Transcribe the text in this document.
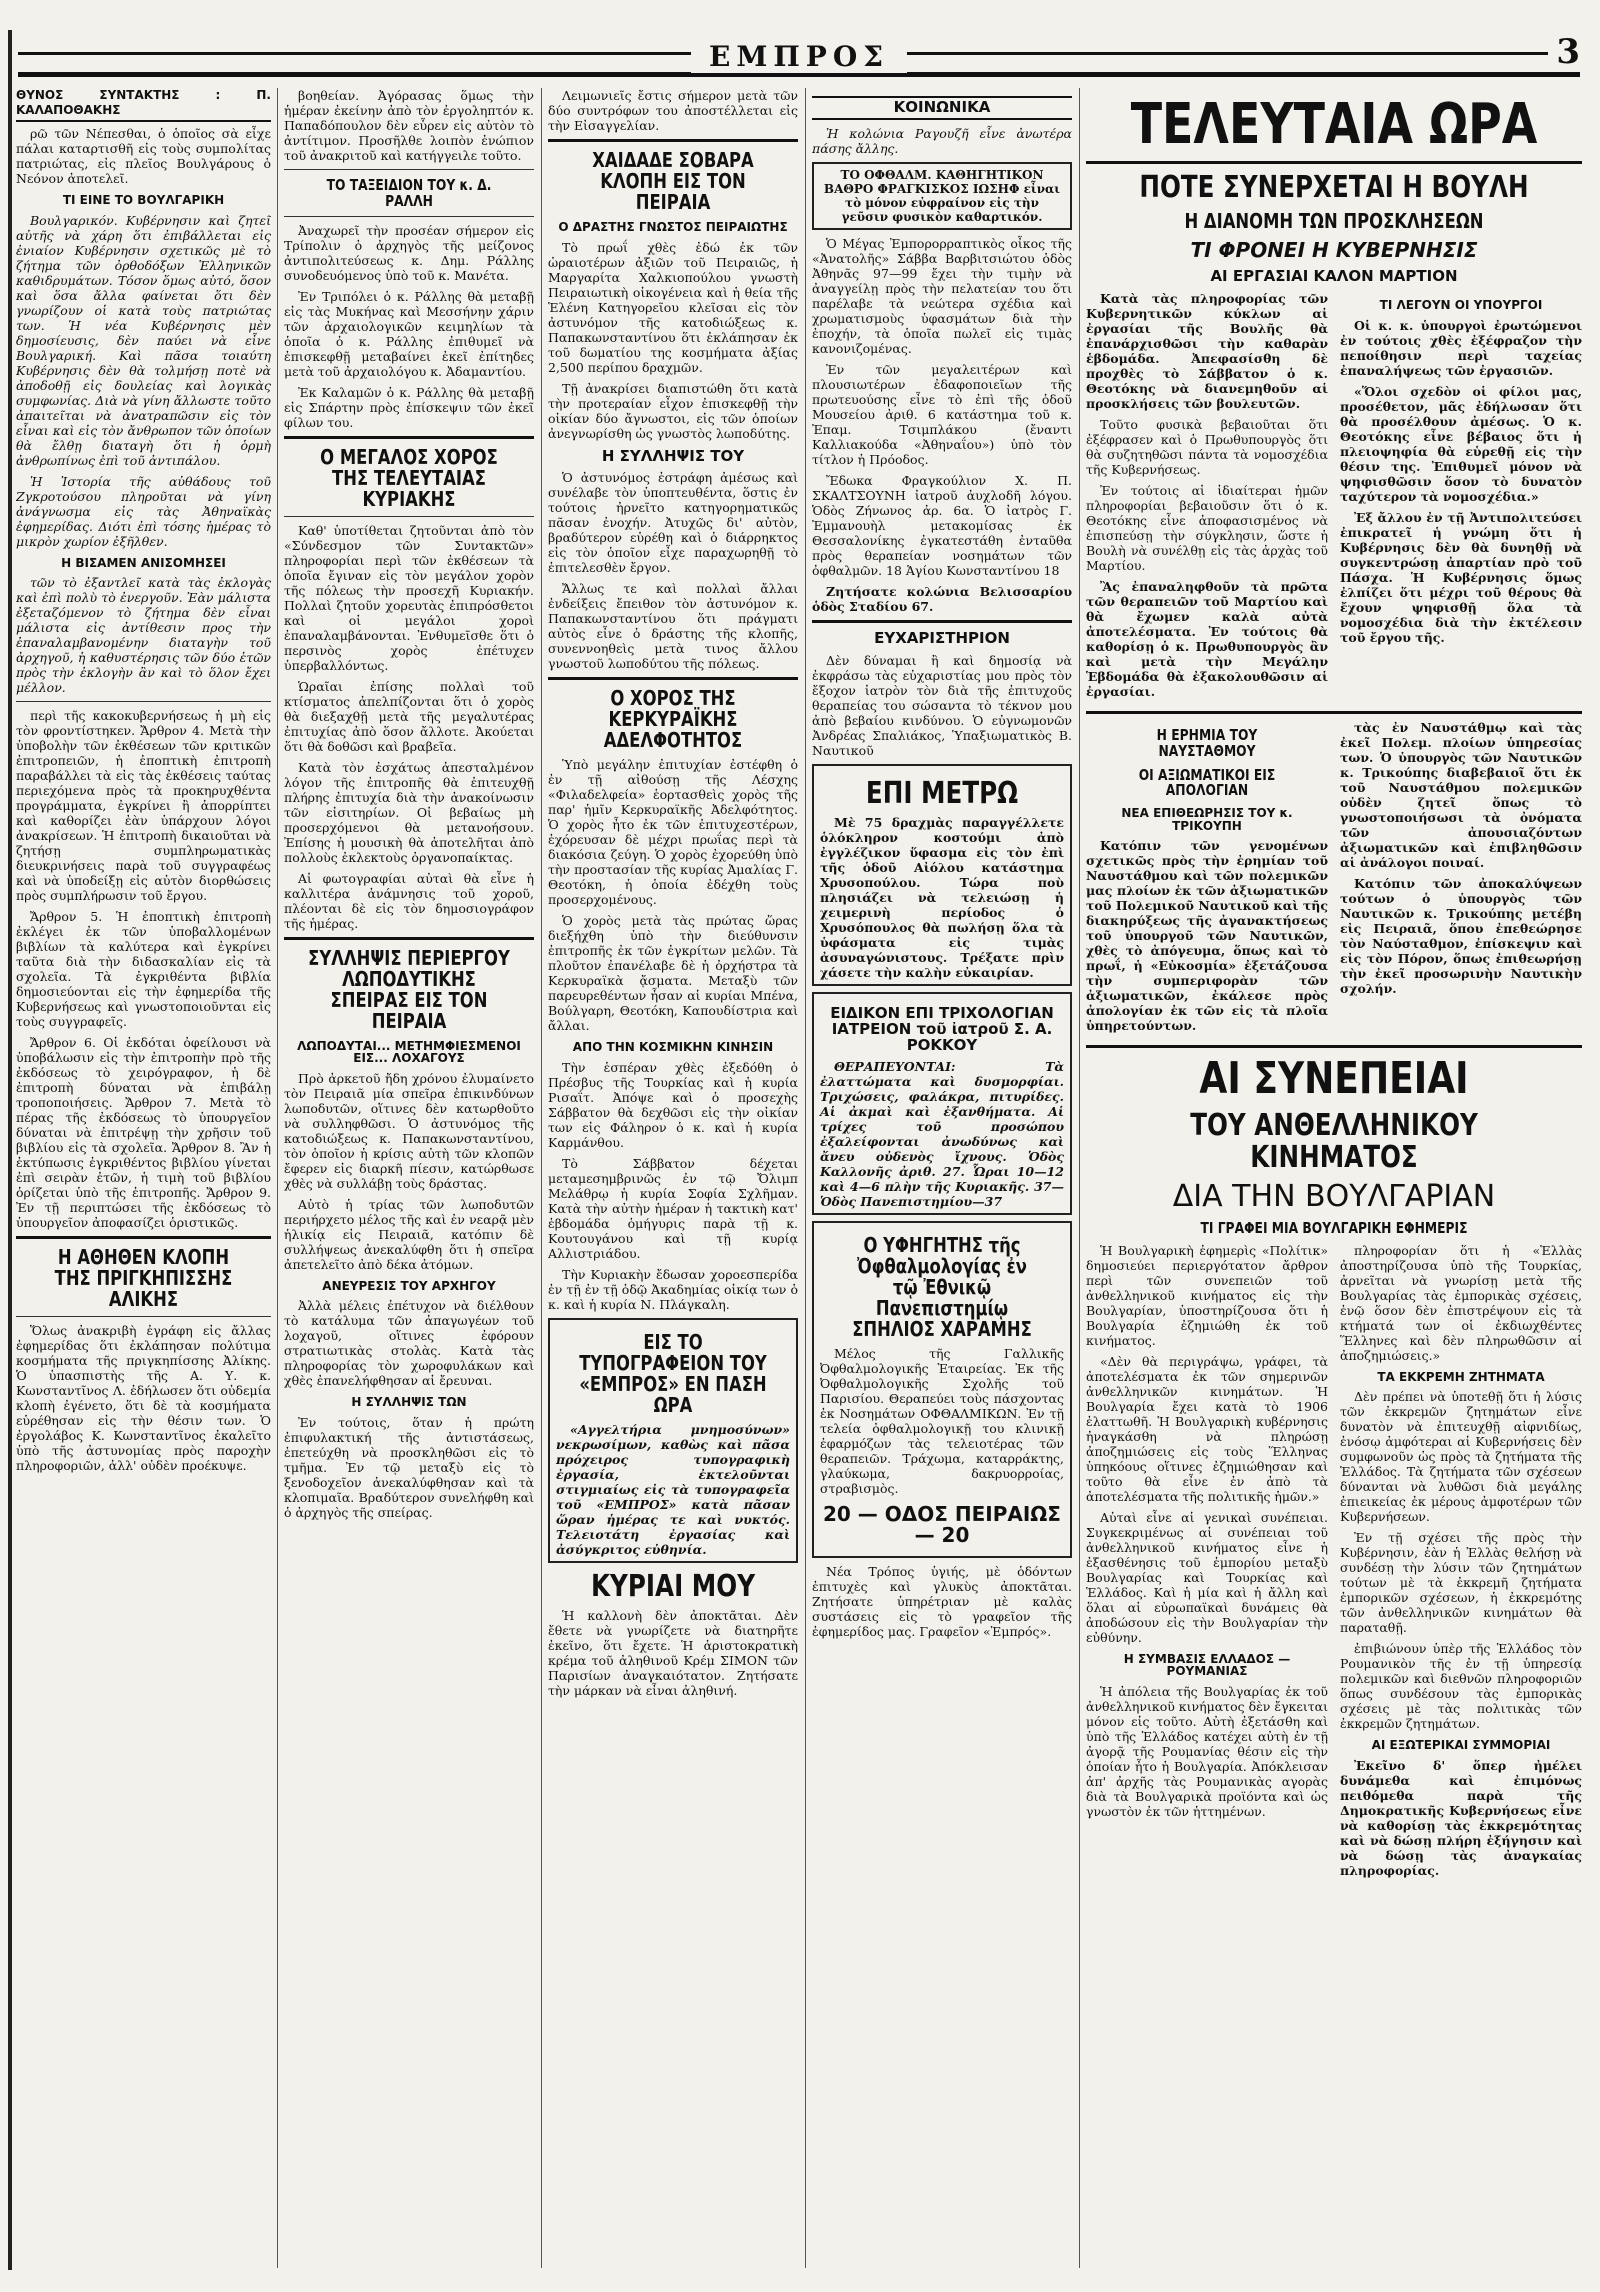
ΕΜΠΡΟΣ	3
ΘΥΝΟΣ ΣΥΝΤΑΚΤΗΣ : Π. ΚΑΛΑΠΟΘΑΚΗΣ

ρῶ τῶν Νέπεσθαι, ὁ ὁποῖος σὰ εἶχε πάλαι καταρτισθῆ εἰς τοὺς συμπολίτας πατριώτας, εἰς πλεῖος Βουλγάρους ὁ Νεόνον ἀποτελεῖ.

ΤΙ ΕΙΝΕ ΤΟ ΒΟΥΛΓΑΡΙΚΗ

Βουλγαρικόν. Κυβέρνησιν καὶ ζητεῖ αὐτῆς νὰ χάρη ὅτι ἐπιβάλλεται εἰς ἐνιαίον Κυβέρνησιν σχετικῶς μὲ τὸ ζήτημα τῶν ὀρθοδόξων Ἑλληνικῶν καθιδρυμάτων. Τόσον ὅμως αὐτό, ὅσον καὶ ὅσα ἄλλα φαίνεται ὅτι δὲν γνωρίζουν οἱ κατὰ τοὺς πατριώτας των. Ἡ νέα Κυβέρνησις μὲν δημοσίευσις, δὲν παύει νὰ εἶνε Βουλγαρική. Καὶ πᾶσα τοιαύτη Κυβέρνησις δὲν θὰ τολμήσῃ ποτὲ νὰ ἀποδοθῇ εἰς δουλείας καὶ λογικὰς συμφωνίας. Διὰ νὰ γίνη ἄλλωστε τοῦτο ἀπαιτεῖται νὰ ἀνατραπῶσιν εἰς τὸν εἶναι καὶ εἰς τὸν ἄνθρωπον τῶν ὁποίων θὰ ἔλθῃ διαταγὴ ὅτι ἡ ὁρμὴ ἀνθρωπίνως ἐπὶ τοῦ ἀντιπάλου.

Ἡ Ἰστορία τῆς αὐθάδους τοῦ Ζγκροτούσου πληροῦται νὰ γίνη ἀνάγνωσμα εἰς τὰς Ἀθηναϊκὰς ἐφημερίδας. Διότι ἐπὶ τόσης ἡμέρας τὸ μικρὸν χωρίον ἐξῆλθεν.

Η ΒΙΣΑΜΕΝ ΑΝΙΣΟΜΗΣΕΙ

τῶν τὸ ἐξαντλεῖ κατὰ τὰς ἐκλογὰς καὶ ἐπὶ πολὺ τὸ ἐνεργοῦν. Ἐὰν μάλιστα ἐξεταζόμενον τὸ ζήτημα δὲν εἶναι μάλιστα εἰς ἀντίθεσιν προς τὴν ἐπαναλαμβανομένην διαταγὴν τοῦ ἀρχηγοῦ, ἡ καθυστέρησις τῶν δύο ἑτῶν πρὸς τὴν ἐκλογὴν ἂν καὶ τὸ ὅλον ἔχει μέλλον.

περὶ τῆς κακοκυβερνήσεως ἡ μὴ εἰς τὸν φροντίστηκεν. Ἄρθρον 4. Μετὰ τὴν ὑποβολὴν τῶν ἐκθέσεων τῶν κριτικῶν ἐπιτροπειῶν, ἡ ἐποπτικὴ ἐπιτροπὴ παραβάλλει τὰ εἰς τὰς ἐκθέσεις ταύτας περιεχόμενα πρὸς τὰ προκηρυχθέντα προγράμματα, ἐγκρίνει ἢ ἀπορρίπτει καὶ καθορίζει ἐὰν ὑπάρχουν λόγοι ἀνακρίσεων. Ἡ ἐπιτροπὴ δικαιοῦται νὰ ζητήσῃ συμπληρωματικὰς διευκρινήσεις παρὰ τοῦ συγγραφέως καὶ νὰ ὑποδείξῃ εἰς αὐτὸν διορθώσεις πρὸς συμπλήρωσιν τοῦ ἔργου.

Ἄρθρον 5. Ἡ ἐποπτικὴ ἐπιτροπὴ ἐκλέγει ἐκ τῶν ὑποβαλλομένων βιβλίων τὰ καλύτερα καὶ ἐγκρίνει ταῦτα διὰ τὴν διδασκαλίαν εἰς τὰ σχολεῖα. Τὰ ἐγκριθέντα βιβλία δημοσιεύονται εἰς τὴν ἐφημερίδα τῆς Κυβερνήσεως καὶ γνωστοποιοῦνται εἰς τοὺς συγγραφεῖς.

Ἄρθρον 6. Οἱ ἐκδόται ὀφείλουσι νὰ ὑποβάλωσιν εἰς τὴν ἐπιτροπὴν πρὸ τῆς ἐκδόσεως τὸ χειρόγραφον, ἡ δὲ ἐπιτροπὴ δύναται νὰ ἐπιβάλῃ τροποποιήσεις. Ἄρθρον 7. Μετὰ τὸ πέρας τῆς ἐκδόσεως τὸ ὑπουργεῖον δύναται νὰ ἐπιτρέψῃ τὴν χρῆσιν τοῦ βιβλίου εἰς τὰ σχολεῖα. Ἄρθρον 8. Ἂν ἡ ἐκτύπωσις ἐγκριθέντος βιβλίου γίνεται ἐπὶ σειρὰν ἐτῶν, ἡ τιμὴ τοῦ βιβλίου ὁρίζεται ὑπὸ τῆς ἐπιτροπῆς. Ἄρθρον 9. Ἐν τῇ περιπτώσει τῆς ἐκδόσεως τὸ ὑπουργεῖον ἀποφασίζει ὁριστικῶς.

Η ΑΘΗΘΕΝ ΚΛΟΠΗ ΤΗΣ ΠΡΙΓΚΗΠΙΣΣΗΣ ΑΛΙΚΗΣ

Ὅλως ἀνακριβὴ ἐγράφη εἰς ἄλλας ἐφημερίδας ὅτι ἐκλάπησαν πολύτιμα κοσμήματα τῆς πριγκηπίσσης Ἀλίκης. Ὁ ὑπασπιστὴς τῆς Α. Υ. κ. Κωνσταντῖνος Λ. ἐδήλωσεν ὅτι οὐδεμία κλοπὴ ἐγένετο, ὅτι δὲ τὰ κοσμήματα εὑρέθησαν εἰς τὴν θέσιν των. Ὁ ἐργολάβος Κ. Κωνσταντῖνος ἐκαλεῖτο ὑπὸ τῆς ἀστυνομίας πρὸς παροχὴν πληροφοριῶν, ἀλλ' οὐδὲν προέκυψε.

βοηθείαν. Ἀγόρασας ὅμως τὴν ἡμέραν ἐκείνην ἀπὸ τὸν ἐργοληπτόν κ. Παπαδόπουλον δὲν εὗρεν εἰς αὐτὸν τὸ ἀντίτιμον. Προσῆλθε λοιπὸν ἐνώπιον τοῦ ἀνακριτοῦ καὶ κατήγγειλε τοῦτο.

ΤΟ ΤΑΞΕΙΔΙΟΝ ΤΟΥ κ. Δ. ΡΑΛΛΗ

Ἀναχωρεῖ τὴν προσέαν σήμερον εἰς Τρίπολιν ὁ ἀρχηγὸς τῆς μείζονος ἀντιπολιτεύσεως κ. Δημ. Ράλλης συνοδευόμενος ὑπὸ τοῦ κ. Μανέτα.

Ἐν Τριπόλει ὁ κ. Ράλλης θὰ μεταβῇ εἰς τὰς Μυκήνας καὶ Μεσσήνην χάριν τῶν ἀρχαιολογικῶν κειμηλίων τὰ ὁποῖα ὁ κ. Ράλλης ἐπιθυμεῖ νὰ ἐπισκεφθῇ μεταβαίνει ἐκεῖ ἐπίτηδες μετὰ τοῦ ἀρχαιολόγου κ. Ἀδαμαντίου.

Ἐκ Καλαμῶν ὁ κ. Ράλλης θὰ μεταβῇ εἰς Σπάρτην πρὸς ἐπίσκεψιν τῶν ἐκεῖ φίλων του.

Ο ΜΕΓΑΛΟΣ ΧΟΡΟΣ ΤΗΣ ΤΕΛΕΥΤΑΙΑΣ ΚΥΡΙΑΚΗΣ

Καθ' ὑποτίθεται ζητοῦνται ἀπὸ τὸν «Σύνδεσμον τῶν Συντακτῶν» πληροφορίαι περὶ τῶν ἐκθέσεων τὰ ὁποῖα ἔγιναν εἰς τὸν μεγάλον χορὸν τῆς πόλεως τὴν προσεχῆ Κυριακήν. Πολλαὶ ζητοῦν χορευτὰς ἐπιπρόσθετοι καὶ οἱ μεγάλοι χοροὶ ἐπαναλαμβάνονται. Ἐνθυμεῖσθε ὅτι ὁ περσινὸς χορὸς ἐπέτυχεν ὑπερβαλλόντως.

Ὡραῖαι ἐπίσης πολλαὶ τοῦ κτίσματος ἀπελπίζονται ὅτι ὁ χορὸς θὰ διεξαχθῇ μετὰ τῆς μεγαλυτέρας ἐπιτυχίας ἀπὸ ὅσον ἄλλοτε. Ἀκούεται ὅτι θὰ δοθῶσι καὶ βραβεῖα.

Κατὰ τὸν ἐσχάτως ἀπεσταλμένον λόγον τῆς ἐπιτροπῆς θὰ ἐπιτευχθῇ πλήρης ἐπιτυχία διὰ τὴν ἀνακοίνωσιν τῶν εἰσιτηρίων. Οἱ βεβαίως μὴ προσερχόμενοι θὰ μετανοήσουν. Ἐπίσης ἡ μουσικὴ θὰ ἀποτελῆται ἀπὸ πολλοὺς ἐκλεκτοὺς ὀργανοπαίκτας.

Αἱ φωτογραφίαι αὐταὶ θὰ εἶνε ἡ καλλιτέρα ἀνάμνησις τοῦ χοροῦ, πλέονται δὲ εἰς τὸν δημοσιογράφον τῆς ἡμέρας.

ΣΥΛΛΗΨΙΣ ΠΕΡΙΕΡΓΟΥ ΛΩΠΟΔΥΤΙΚΗΣ ΣΠΕΙΡΑΣ ΕΙΣ ΤΟΝ ΠΕΙΡΑΙΑ
ΛΩΠΟΔΥΤΑΙ... ΜΕΤΗΜΦΙΕΣΜΕΝΟΙ ΕΙΣ... ΛΟΧΑΓΟΥΣ

Πρὸ ἀρκετοῦ ἤδη χρόνου ἐλυμαίνετο τὸν Πειραιᾶ μία σπεῖρα ἐπικινδύνων λωποδυτῶν, οἵτινες δὲν κατωρθοῦτο νὰ συλληφθῶσι. Ὁ ἀστυνόμος τῆς κατοδιώξεως κ. Παπακωνσταντίνου, τὸν ὁποῖον ἡ κρίσις αὐτὴ τῶν κλοπῶν ἔφερεν εἰς διαρκῆ πίεσιν, κατώρθωσε χθὲς νὰ συλλάβῃ τοὺς δράστας.

Αὐτὸ ἡ τρίας τῶν λωποδυτῶν περιήρχετο μέλος τῆς καὶ ἐν νεαρᾷ μὲν ἡλικίᾳ εἰς Πειραιᾶ, κατόπιν δὲ συλλήψεως ἀνεκαλύφθη ὅτι ἡ σπεῖρα ἀπετελεῖτο ἀπὸ δέκα ἀτόμων.

ΑΝΕΥΡΕΣΙΣ ΤΟΥ ΑΡΧΗΓΟΥ

Ἀλλὰ μέλεις ἐπέτυχον νὰ διέλθουν τὸ κατάλυμα τῶν ἀπαγωγέων τοῦ λοχαγοῦ, οἵτινες ἐφόρουν στρατιωτικὰς στολὰς. Κατὰ τὰς πληροφορίας τὸν χωροφυλάκων καὶ χθὲς ἐπανελήφθησαν αἱ ἔρευναι.

Η ΣΥΛΛΗΨΙΣ ΤΩΝ

Ἐν τούτοις, ὅταν ἡ πρώτη ἐπιφυλακτική τῆς ἀντιστάσεως, ἐπετεύχθη νὰ προσκληθῶσι εἰς τὸ τμῆμα. Ἐν τῷ μεταξὺ εἰς τὸ ξενοδοχεῖον ἀνεκαλύφθησαν καὶ τὰ κλοπιμαῖα. Βραδύτερον συνελήφθη καὶ ὁ ἀρχηγὸς τῆς σπείρας.

Λειμωνιεῖς ἔστις σήμερον μετὰ τῶν δύο συντρόφων του ἀποστέλλεται εἰς τὴν Εἰσαγγελίαν.

ΧΑΙΔΑΔΕ ΣΟΒΑΡΑ ΚΛΟΠΗ ΕΙΣ ΤΟΝ ΠΕΙΡΑΙΑ
Ο ΔΡΑΣΤΗΣ ΓΝΩΣΤΟΣ ΠΕΙΡΑΙΩΤΗΣ

Τὸ πρωΐ χθὲς ἐδώ ἐκ τῶν ὡραιοτέρων ἀξιῶν τοῦ Πειραιῶς, ἡ Μαργαρίτα Χαλκιοπούλου γνωστὴ Πειραιωτικὴ οἰκογένεια καὶ ἡ θεία τῆς Ἑλένη Κατηγορεῖου κλεῖσαι εἰς τὸν ἀστυνόμον τῆς κατοδιώξεως κ. Παπακωνσταντίνου ὅτι ἐκλάπησαν ἐκ τοῦ δωματίου της κοσμήματα ἀξίας 2,500 περίπου δραχμῶν.

Τῇ ἀνακρίσει διαπιστώθη ὅτι κατὰ τὴν προτεραίαν εἶχον ἐπισκεφθῇ τὴν οἰκίαν δύο ἄγνωστοι, εἰς τῶν ὁποίων ἀνεγνωρίσθη ὡς γνωστὸς λωποδύτης.

Η ΣΥΛΛΗΨΙΣ ΤΟΥ

Ὁ ἀστυνόμος ἐστράφη ἀμέσως καὶ συνέλαβε τὸν ὑποπτευθέντα, ὅστις ἐν τούτοις ἠρνεῖτο κατηγορηματικῶς πᾶσαν ἐνοχήν. Ἀτυχῶς δι' αὐτὸν, βραδύτερον εὑρέθη καὶ ὁ διάρρηκτος εἰς τὸν ὁποῖον εἶχε παραχωρηθῇ τὸ ἐπιτελεσθὲν ἔργον.

Ἄλλως τε καὶ πολλαὶ ἄλλαι ἐνδείξεις ἔπειθον τὸν ἀστυνόμον κ. Παπακωνσταντίνου ὅτι πράγματι αὐτὸς εἶνε ὁ δράστης τῆς κλοπῆς, συνεννοηθεὶς μετὰ τινος ἄλλου γνωστοῦ λωποδύτου τῆς πόλεως.

Ο ΧΟΡΟΣ ΤΗΣ ΚΕΡΚΥΡΑΪΚΗΣ ΑΔΕΛΦΟΤΗΤΟΣ

Ὑπὸ μεγάλην ἐπιτυχίαν ἐστέφθη ὁ ἐν τῇ αἰθούσῃ τῆς Λέσχης «Φιλαδελφεία» ἑορτασθεὶς χορὸς τῆς παρ' ἡμῖν Κερκυραϊκῆς Ἀδελφότητος. Ὁ χορὸς ἦτο ἐκ τῶν ἐπιτυχεστέρων, ἐχόρευσαν δὲ μέχρι πρωΐας περὶ τὰ διακόσια ζεύγη. Ὁ χορὸς ἐχορεύθη ὑπὸ τὴν προστασίαν τῆς κυρίας Ἀμαλίας Γ. Θεοτόκη, ἡ ὁποία ἐδέχθη τοὺς προσερχομένους.

Ὁ χορὸς μετὰ τὰς πρώτας ὥρας διεξήχθη ὑπὸ τὴν διεύθυνσιν ἐπιτροπῆς ἐκ τῶν ἐγκρίτων μελῶν. Τὰ πλοῦτον ἐπανέλαβε δὲ ἡ ὀρχήστρα τὰ Κερκυραϊκὰ ᾄσματα. Μεταξὺ τῶν παρευρεθέντων ἦσαν αἱ κυρίαι Μπένα, Βούλγαρη, Θεοτόκη, Καπουδίστρια καὶ ἄλλαι.

ΑΠΟ ΤΗΝ ΚΟΣΜΙΚΗΝ ΚΙΝΗΣΙΝ

Τὴν ἑσπέραν χθὲς ἐξεδόθη ὁ Πρέσβυς τῆς Τουρκίας καὶ ἡ κυρία Ρισαΐτ. Ἀπόψε καὶ ὁ προσεχὴς Σάββατον θὰ δεχθῶσι εἰς τὴν οἰκίαν των εἰς Φάληρον ὁ κ. καὶ ἡ κυρία Καρμάνθου.

Τὸ Σάββατον δέχεται μεταμεσημβρινῶς ἐν τῷ Ὄλιμπ Μελάθρῳ ἡ κυρία Σοφία Σχλῆμαν. Κατὰ τὴν αὐτὴν ἡμέραν ἡ τακτικὴ κατ' ἐβδομάδα ὁμήγυρις παρὰ τῇ κ. Κουτουγάνου καὶ τῇ κυρίᾳ Αλλιστριάδου.

Τὴν Κυριακὴν ἔδωσαν χοροεσπερίδα ἐν τῇ ἐν τῇ ὁδῷ Ἀκαδημίας οἰκίᾳ των ὁ κ. καὶ ἡ κυρία Ν. Πλάγκαλη.

ΕΙΣ ΤΟ ΤΥΠΟΓΡΑΦΕΙΟΝ ΤΟΥ «ΕΜΠΡΟΣ» ΕΝ ΠΑΣΗ ΩΡΑ

«Αγγελτήρια μνημοσύνων» νεκρωσίμων, καθὼς καὶ πᾶσα πρόχειρος τυπογραφικὴ ἐργασία, ἐκτελοῦνται στιγμιαίως εἰς τὰ τυπογραφεῖα τοῦ «ΕΜΠΡΟΣ» κατὰ πᾶσαν ὥραν ἡμέρας τε καὶ νυκτός. Τελειοτάτη ἐργασίας καὶ ἀσύγκριτος εὐθηνία.

ΚΥΡΙΑΙ ΜΟΥ

Ἡ καλλονὴ δὲν ἀποκτᾶται. Δὲν ἔθετε νὰ γνωρίζετε νὰ διατηρῆτε ἐκεῖνο, ὅτι ἔχετε. Ἡ ἀριστοκρατικὴ κρέμα τοῦ ἀληθινοῦ Κρέμ ΣΙΜΟΝ τῶν Παρισίων ἀναγκαιότατον. Ζητήσατε τὴν μάρκαν νὰ εἶναι ἀληθινή.

ΚΟΙΝΩΝΙΚΑ

Ἡ κολώνια Ραγουζῆ εἶνε ἀνωτέρα πάσης ἄλλης.

ΤΟ ΟΦΘΑΛΜ. ΚΑΘΗΓΗΤΙΚΟΝ ΒΑΘΡΟ ΦΡΑΓΚΙΣΚΟΣ ΙΩΣΗΦ εἶναι τὸ μόνον εὐφραίνον εἰς τὴν γεῦσιν φυσικὸν καθαρτικόν.

Ὁ Μέγας Ἐμπορορραπτικὸς οἶκος τῆς «Ἀνατολῆς» Σάββα Βαρβιτσιώτου ὁδὸς Ἀθηνᾶς 97—99 ἔχει τὴν τιμὴν νὰ ἀναγγείλῃ πρὸς τὴν πελατείαν του ὅτι παρέλαβε τὰ νεώτερα σχέδια καὶ χρωματισμοὺς ὑφασμάτων διὰ τὴν ἐποχήν, τὰ ὁποῖα πωλεῖ εἰς τιμὰς κανονιζομένας.

Ἐν τῶν μεγαλειτέρων καὶ πλουσιωτέρων ἐδαφοποιεῖων τῆς πρωτευούσης εἶνε τὸ ἐπὶ τῆς ὁδοῦ Μουσείου ἀριθ. 6 κατάστημα τοῦ κ. Ἐπαμ. Τσιμπλάκου (ἔναντι Καλλιακούδα «Ἀθηναΐου») ὑπὸ τὸν τίτλον ἡ Πρόοδος.

Ἔδωκα Φραγκούλιον Χ. Π. ΣΚΑΛΤΣΟΥΝΗ ἰατροῦ ἀυχλοδῆ λόγου. Ὁδὸς Ζήνωνος ἀρ. 6α. Ὁ ἰατρὸς Γ. Ἐμμανουὴλ μετακομίσας ἐκ Θεσσαλονίκης ἐγκατεστάθη ἐνταῦθα πρὸς θεραπείαν νοσημάτων τῶν ὀφθαλμῶν. 18 Ἁγίου Κωνσταντίνου 18

Ζητήσατε κολώνια Βελισσαρίου ὁδὸς Σταδίου 67.

ΕΥΧΑΡΙΣΤΗΡΙΟΝ

Δὲν δύναμαι ἢ καὶ δημοσίᾳ νὰ ἐκφράσω τὰς εὐχαριστίας μου πρὸς τὸν ἔξοχον ἰατρὸν τὸν διὰ τῆς ἐπιτυχοῦς θεραπείας του σώσαντα τὸ τέκνον μου ἀπὸ βεβαίου κινδύνου. Ὁ εὐγνωμονῶν Ἀνδρέας Σπαλιάκος, Ὑπαξιωματικὸς Β. Ναυτικοῦ

ΕΠΙ ΜΕΤΡΩ

Μὲ 75 δραχμὰς παραγγέλλετε ὁλόκληρον κοστούμι ἀπὸ ἐγγλέζικον ὕφασμα εἰς τὸν ἐπὶ τῆς ὁδοῦ Αἰόλου κατάστημα Χρυσοπούλου. Τώρα ποὺ πλησιάζει νὰ τελειώσῃ ἡ χειμερινὴ περίοδος ὁ Χρυσόπουλος θὰ πωλήσῃ ὅλα τὰ ὑφάσματα εἰς τιμὰς ἀσυναγώνιστους. Τρέξατε πρὶν χάσετε τὴν καλὴν εὐκαιρίαν.

ΕΙΔΙΚΟΝ ΕΠΙ ΤΡΙΧΟΛΟΓΙΑΝ ΙΑΤΡΕΙΟΝ τοῦ ἰατροῦ Σ. Α. ΡΟΚΚΟΥ

ΘΕΡΑΠΕΥΟΝΤΑΙ: Τὰ ἐλαττώματα καὶ δυσμορφίαι. Τριχώσεις, φαλάκρα, πιτυρίδες. Αἱ ἀκμαὶ καὶ ἐξανθήματα. Αἱ τρίχες τοῦ προσώπου ἐξαλείφονται ἀνωδύνως καὶ ἄνευ οὐδενὸς ἴχνους. Ὁδὸς Καλλονῆς ἀριθ. 27. Ὧραι 10—12 καὶ 4—6 πλὴν τῆς Κυριακῆς. 37—Ὁδὸς Πανεπιστημίου—37

Ο ΥΦΗΓΗΤΗΣ τῆς Ὀφθαλμολογίας ἐν τῷ Ἐθνικῷ Πανεπιστημίῳ ΣΠΗΛΙΟΣ ΧΑΡΑΜΗΣ

Μέλος τῆς Γαλλικῆς Ὀφθαλμολογικῆς Ἑταιρείας. Ἐκ τῆς Ὀφθαλμολογικῆς Σχολῆς τοῦ Παρισίου. Θεραπεύει τοὺς πάσχοντας ἐκ Νοσημάτων ΟΦΘΑΛΜΙΚΩΝ. Ἐν τῇ τελεία ὀφθαλμολογικῇ του κλινικῇ ἐφαρμόζων τὰς τελειοτέρας τῶν θεραπειῶν. Τράχωμα, καταρράκτης, γλαύκωμα, δακρυορροίας, στραβισμὸς.

20 — ΟΔΟΣ ΠΕΙΡΑΙΩΣ — 20

Νέα Τρόπος ὑγιής, μὲ ὁδόντων ἐπιτυχὲς καὶ γλυκὺς ἀποκτᾶται. Ζητήσατε ὑπηρέτριαν μὲ καλὰς συστάσεις εἰς τὸ γραφεῖον τῆς ἐφημερίδος μας. Γραφεῖον «Ἐμπρός».

ΤΕΛΕΥΤΑΙΑ ΩΡΑ
ΠΟΤΕ ΣΥΝΕΡΧΕΤΑΙ Η ΒΟΥΛΗ
Η ΔΙΑΝΟΜΗ ΤΩΝ ΠΡΟΣΚΛΗΣΕΩΝ
ΤΙ ΦΡΟΝΕΙ Η ΚΥΒΕΡΝΗΣΙΣ
ΑΙ ΕΡΓΑΣΙΑΙ ΚΑΛΟΝ ΜΑΡΤΙΟΝ

Κατὰ τὰς πληροφορίας τῶν Κυβερνητικῶν κύκλων αἱ ἐργασίαι τῆς Βουλῆς θὰ ἐπανάρχισθῶσι τὴν καθαρὰν ἑβδομάδα. Ἀπεφασίσθη δὲ προχθὲς τὸ Σάββατον ὁ κ. Θεοτόκης νὰ διανεμηθοῦν αἱ προσκλήσεις τῶν βουλευτῶν.

Τοῦτο φυσικὰ βεβαιοῦται ὅτι ἐξέφρασεν καὶ ὁ Πρωθυπουργὸς ὅτι θὰ συζητηθῶσι πάντα τὰ νομοσχέδια τῆς Κυβερνήσεως.

Ἐν τούτοις αἱ ἰδιαίτεραι ἡμῶν πληροφορίαι βεβαιοῦσιν ὅτι ὁ κ. Θεοτόκης εἶνε ἀποφασισμένος νὰ ἐπισπεύσῃ τὴν σύγκλησιν, ὥστε ἡ Βουλὴ νὰ συνέλθῃ εἰς τὰς ἀρχὰς τοῦ Μαρτίου.

Ἂς ἐπαναληφθοῦν τὰ πρῶτα τῶν θεραπειῶν τοῦ Μαρτίου καὶ θὰ ἔχωμεν καλὰ αὐτὰ ἀποτελέσματα. Ἐν τούτοις θὰ καθορίσῃ ὁ κ. Πρωθυπουργὸς ἂν καὶ μετὰ τὴν Μεγάλην Ἑβδομάδα θὰ ἐξακολουθῶσιν αἱ ἐργασίαι.

ΤΙ ΛΕΓΟΥΝ ΟΙ ΥΠΟΥΡΓΟΙ

Οἱ κ. κ. ὑπουργοὶ ἐρωτώμενοι ἐν τούτοις χθὲς ἐξέφραζον τὴν πεποίθησιν περὶ ταχείας ἐπαναλήψεως τῶν ἐργασιῶν.

«Ὅλοι σχεδὸν οἱ φίλοι μας, προσέθετον, μᾶς ἐδήλωσαν ὅτι θὰ προσέλθουν ἀμέσως. Ὁ κ. Θεοτόκης εἶνε βέβαιος ὅτι ἡ πλειοψηφία θὰ εὑρεθῇ εἰς τὴν θέσιν της. Ἐπιθυμεῖ μόνον νὰ ψηφισθῶσιν ὅσον τὸ δυνατὸν ταχύτερον τὰ νομοσχέδια.»

Ἐξ ἄλλου ἐν τῇ Ἀντιπολιτεύσει ἐπικρατεῖ ἡ γνώμη ὅτι ἡ Κυβέρνησις δὲν θὰ δυνηθῇ νὰ συγκεντρώσῃ ἀπαρτίαν πρὸ τοῦ Πάσχα. Ἡ Κυβέρνησις ὅμως ἐλπίζει ὅτι μέχρι τοῦ θέρους θὰ ἔχουν ψηφισθῇ ὅλα τὰ νομοσχέδια διὰ τὴν ἐκτέλεσιν τοῦ ἔργου τῆς.

Η ΕΡΗΜΙΑ ΤΟΥ ΝΑΥΣΤΑΘΜΟΥ
ΟΙ ΑΞΙΩΜΑΤΙΚΟΙ ΕΙΣ ΑΠΟΛΟΓΙΑΝ
ΝΕΑ ΕΠΙΘΕΩΡΗΣΙΣ ΤΟΥ κ. ΤΡΙΚΟΥΠΗ

Κατόπιν τῶν γενομένων σχετικῶς πρὸς τὴν ἐρημίαν τοῦ Ναυστάθμου καὶ τῶν πολεμικῶν μας πλοίων ἐκ τῶν ἀξιωματικῶν τοῦ Πολεμικοῦ Ναυτικοῦ καὶ τῆς διακηρύξεως τῆς ἀγανακτήσεως τοῦ ὑπουργοῦ τῶν Ναυτικῶν, χθὲς τὸ ἀπόγευμα, ὅπως καὶ τὸ πρωΐ, ἡ «Εὐκοσμία» ἐξετάζουσα τὴν συμπεριφορὰν τῶν ἀξιωματικῶν, ἐκάλεσε πρὸς ἀπολογίαν ἐκ τῶν εἰς τὰ πλοῖα ὑπηρετούντων.

τὰς ἐν Ναυστάθμῳ καὶ τὰς ἐκεῖ Πολεμ. πλοίων ὑπηρεσίας των. Ὁ ὑπουργὸς τῶν Ναυτικῶν κ. Τρικούπης διαβεβαιοῖ ὅτι ἐκ τοῦ Ναυστάθμου πολεμικῶν οὐδὲν ζητεῖ ὅπως τὸ γνωστοποιήσωσι τὰ ὀνόματα τῶν ἀπουσιαζόντων ἀξιωματικῶν καὶ ἐπιβληθῶσιν αἱ ἀνάλογοι ποιναί.

Κατόπιν τῶν ἀποκαλύψεων τούτων ὁ ὑπουργὸς τῶν Ναυτικῶν κ. Τρικούπης μετέβη εἰς Πειραιᾶ, ὅπου ἐπεθεώρησε τὸν Ναύσταθμον, ἐπίσκεψιν καὶ εἰς τὸν Πόρον, ὅπως ἐπιθεωρήσῃ τὴν ἐκεῖ προσωρινὴν Ναυτικὴν σχολήν.

ΑΙ ΣΥΝΕΠΕΙΑΙ
ΤΟΥ ΑΝΘΕΛΛΗΝΙΚΟΥ ΚΙΝΗΜΑΤΟΣ
ΔΙΑ ΤΗΝ ΒΟΥΛΓΑΡΙΑΝ
ΤΙ ΓΡΑΦΕΙ ΜΙΑ ΒΟΥΛΓΑΡΙΚΗ ΕΦΗΜΕΡΙΣ

Ἡ Βουλγαρικὴ ἐφημερὶς «Πολίτικ» δημοσιεύει περιεργότατον ἄρθρον περὶ τῶν συνεπειῶν τοῦ ἀνθελληνικοῦ κινήματος εἰς τὴν Βουλγαρίαν, ὑποστηρίζουσα ὅτι ἡ Βουλγαρία ἐζημιώθη ἐκ τοῦ κινήματος.

«Δὲν θὰ περιγράψω, γράφει, τὰ ἀποτελέσματα ἐκ τῶν σημερινῶν ἀνθελληνικῶν κινημάτων. Ἡ Βουλγαρία ἔχει κατὰ τὸ 1906 ἐλαττωθῆ. Ἡ Βουλγαρικὴ κυβέρνησις ἠναγκάσθη νὰ πληρώσῃ ἀποζημιώσεις εἰς τοὺς Ἕλληνας ὑπηκόους οἵτινες ἐζημιώθησαν καὶ τοῦτο θὰ εἶνε ἐν ἀπὸ τὰ ἀποτελέσματα τῆς πολιτικῆς ἡμῶν.»

Αὐταὶ εἶνε αἱ γενικαὶ συνέπειαι. Συγκεκριμένως αἱ συνέπειαι τοῦ ἀνθελληνικοῦ κινήματος εἶνε ἡ ἐξασθένησις τοῦ ἐμπορίου μεταξὺ Βουλγαρίας καὶ Τουρκίας καὶ Ἑλλάδος. Καὶ ἡ μία καὶ ἡ ἄλλη καὶ ὅλαι αἱ εὐρωπαϊκαὶ δυνάμεις θὰ ἀποδώσουν εἰς τὴν Βουλγαρίαν τὴν εὐθύνην.

Η ΣΥΜΒΑΣΙΣ ΕΛΛΑΔΟΣ — ΡΟΥΜΑΝΙΑΣ

Ἡ ἀπόλεια τῆς Βουλγαρίας ἐκ τοῦ ἀνθελληνικοῦ κινήματος δὲν ἔγκειται μόνον εἰς τοῦτο. Αὐτὴ ἐξετάσθη καὶ ὑπὸ τῆς Ἑλλάδος κατέχει αὐτὴ ἐν τῇ ἀγορᾷ τῆς Ρουμανίας θέσιν εἰς τὴν ὁποίαν ἦτο ἡ Βουλγαρία. Ἀπόκλεισαν ἀπ' ἀρχῆς τὰς Ρουμανικὰς αγορὰς διὰ τὰ Βουλγαρικὰ προϊόντα καὶ ὡς γνωστὸν ἐκ τῶν ἡττημένων.

πληροφορίαν ὅτι ἡ «Ἑλλὰς ἀποστηρίζουσα ὑπὸ τῆς Τουρκίας, ἀρνεῖται νὰ γνωρίσῃ μετὰ τῆς Βουλγαρίας τὰς ἐμπορικὰς σχέσεις, ἐνῷ ὅσον δὲν ἐπιστρέψουν εἰς τὰ κτήματά των οἱ ἐκδιωχθέντες Ἕλληνες καὶ δὲν πληρωθῶσιν αἱ ἀποζημιώσεις.»

ΤΑ ΕΚΚΡΕΜΗ ΖΗΤΗΜΑΤΑ

Δὲν πρέπει νὰ ὑποτεθῇ ὅτι ἡ λύσις τῶν ἐκκρεμῶν ζητημάτων εἶνε δυνατὸν νὰ ἐπιτευχθῇ αἰφνιδίως, ἐνόσῳ ἀμφότεραι αἱ Κυβερνήσεις δὲν συμφωνοῦν ὡς πρὸς τὰ ζητήματα τῆς Ἑλλάδος. Τὰ ζητήματα τῶν σχέσεων δύνανται νὰ λυθῶσι διὰ μεγάλης ἐπιεικείας ἐκ μέρους ἀμφοτέρων τῶν Κυβερνήσεων.

Ἐν τῇ σχέσει τῆς πρὸς τὴν Κυβέρνησιν, ἐὰν ἡ Ἑλλὰς θελήσῃ νὰ συνδέσῃ τὴν λύσιν τῶν ζητημάτων τούτων μὲ τὰ ἐκκρεμῆ ζητήματα ἐμπορικῶν σχέσεων, ἡ ἐκκρεμότης τῶν ἀνθελληνικῶν κινημάτων θὰ παραταθῇ.

ἐπιβιώνουν ὑπὲρ τῆς Ἑλλάδος τὸν Ρουμανικὸν τῆς ἐν τῇ ὑπηρεσίᾳ πολεμικῶν καὶ διεθνῶν πληροφοριῶν ὅπως συνδέσουν τὰς ἐμπορικὰς σχέσεις μὲ τὰς πολιτικὰς τῶν ἐκκρεμῶν ζητημάτων.

ΑΙ ΕΞΩΤΕΡΙΚΑΙ ΣΥΜΜΟΡΙΑΙ

Ἐκεῖνο δ' ὅπερ ἠμέλει δυνάμεθα καὶ ἐπιμόνως πειθόμεθα παρὰ τῆς Δημοκρατικῆς Κυβερνήσεως εἶνε νὰ καθορίσῃ τὰς ἐκκρεμότητας καὶ νὰ δώσῃ πλήρη ἐξήγησιν καὶ νὰ δώσῃ τὰς ἀναγκαίας πληροφορίας.
